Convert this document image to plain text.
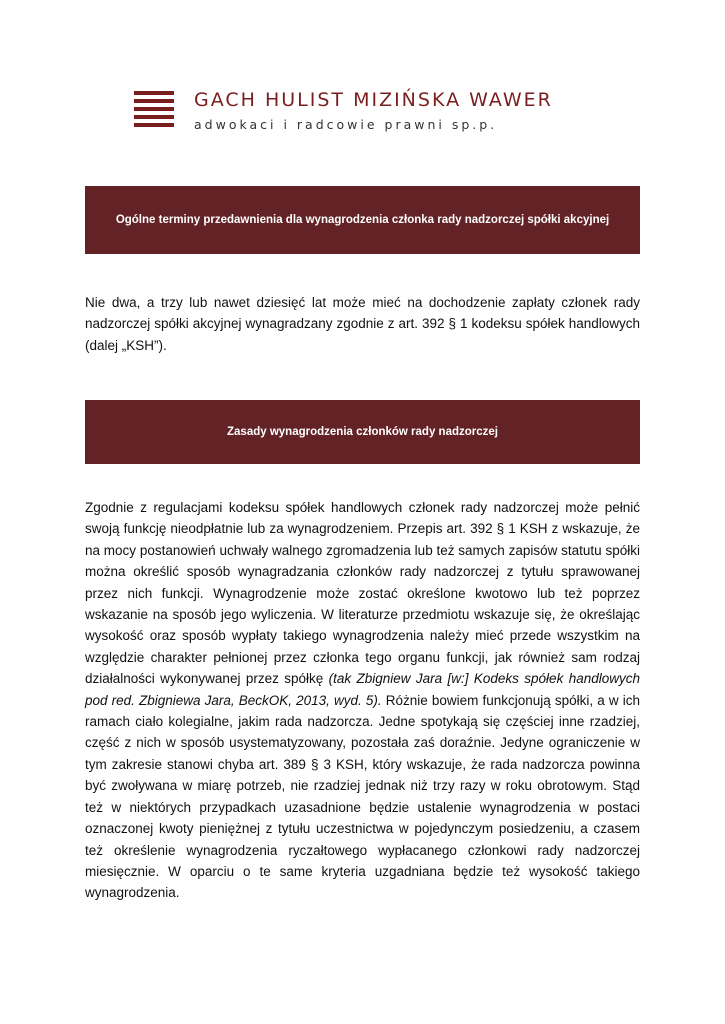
GACH HULIST MIZIŃSKA WAWER
adwokaci i radcowie prawni sp.p.
Ogólne terminy przedawnienia dla wynagrodzenia członka rady nadzorczej spółki akcyjnej

Nie dwa, a trzy lub nawet dziesięć lat może mieć na dochodzenie zapłaty członek rady nadzorczej spółki akcyjnej wynagradzany zgodnie z art. 392 § 1 kodeksu spółek handlowych (dalej „KSH”).

Zasady wynagrodzenia członków rady nadzorczej

Zgodnie z regulacjami kodeksu spółek handlowych członek rady nadzorczej może pełnić swoją funkcję nieodpłatnie lub za wynagrodzeniem. Przepis art. 392 § 1 KSH z wskazuje, że na mocy postanowień uchwały walnego zgromadzenia lub też samych zapisów statutu spółki można określić sposób wynagradzania członków rady nadzorczej z tytułu sprawowanej przez nich funkcji. Wynagrodzenie może zostać określone kwotowo lub też poprzez wskazanie na sposób jego wyliczenia. W literaturze przedmiotu wskazuje się, że określając wysokość oraz sposób wypłaty takiego wynagrodzenia należy mieć przede wszystkim na względzie charakter pełnionej przez członka tego organu funkcji, jak również sam rodzaj działalności wykonywanej przez spółkę (tak Zbigniew Jara [w:] Kodeks spółek handlowych pod red. Zbigniewa Jara, BeckOK, 2013, wyd. 5). Różnie bowiem funkcjonują spółki, a w ich ramach ciało kolegialne, jakim rada nadzorcza. Jedne spotykają się częściej inne rzadziej, część z nich w sposób usystematyzowany, pozostała zaś doraźnie. Jedyne ograniczenie w tym zakresie stanowi chyba art. 389 § 3 KSH, który wskazuje, że rada nadzorcza powinna być zwoływana w miarę potrzeb, nie rzadziej jednak niż trzy razy w roku obrotowym. Stąd też w niektórych przypadkach uzasadnione będzie ustalenie wynagrodzenia w postaci oznaczonej kwoty pieniężnej z tytułu uczestnictwa w pojedynczym posiedzeniu, a czasem też określenie wynagrodzenia ryczałtowego wypłacanego członkowi rady nadzorczej miesięcznie. W oparciu o te same kryteria uzgadniana będzie też wysokość takiego wynagrodzenia.
